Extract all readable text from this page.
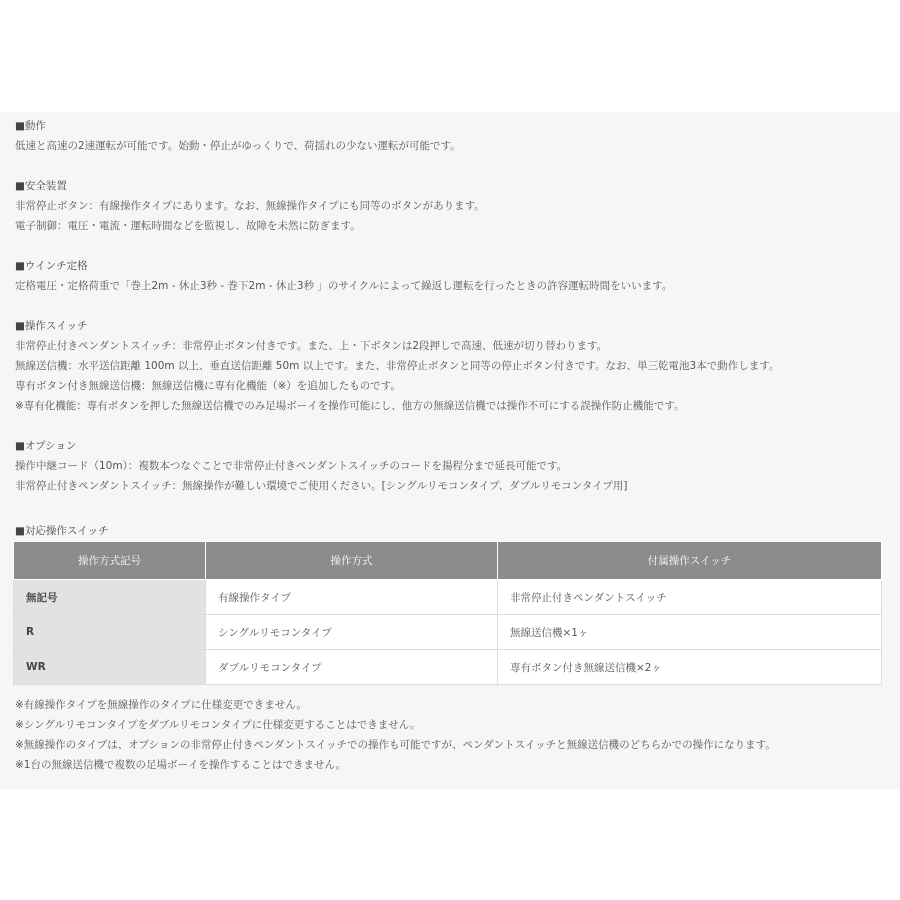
■動作
低速と高速の2速運転が可能です。始動・停止がゆっくりで、荷揺れの少ない運転が可能です。
■安全装置
非常停止ボタン：有線操作タイプにあります。なお、無線操作タイプにも同等のボタンがあります。
電子制御：電圧・電流・運転時間などを監視し、故障を未然に防ぎます。
■ウインチ定格
定格電圧・定格荷重で「巻上2m - 休止3秒 - 巻下2m - 休止3秒 」のサイクルによって繰返し運転を行ったときの許容運転時間をいいます。
■操作スイッチ
非常停止付きペンダントスイッチ：非常停止ボタン付きです。また、上・下ボタンは2段押しで高速、低速が切り替わります。
無線送信機：水平送信距離 100m 以上、垂直送信距離 50m 以上です。また、非常停止ボタンと同等の停止ボタン付きです。なお、単三乾電池3本で動作します。
専有ボタン付き無線送信機：無線送信機に専有化機能（※）を追加したものです。
※専有化機能：専有ボタンを押した無線送信機でのみ足場ボーイを操作可能にし、他方の無線送信機では操作不可にする誤操作防止機能です。
■オプション
操作中継コード（10m）：複数本つなぐことで非常停止付きペンダントスイッチのコードを揚程分まで延長可能です。
非常停止付きペンダントスイッチ：無線操作が難しい環境でご使用ください。[シングルリモコンタイプ、ダブルリモコンタイプ用]
■対応操作スイッチ
操作方式記号	操作方式	付属操作スイッチ
無記号	有線操作タイプ	非常停止付きペンダントスイッチ
R	シングルリモコンタイプ	無線送信機×1ヶ
WR	ダブルリモコンタイプ	専有ボタン付き無線送信機×2ヶ
※有線操作タイプを無線操作のタイプに仕様変更できません。
※シングルリモコンタイプをダブルリモコンタイプに仕様変更することはできません。
※無線操作のタイプは、オプションの非常停止付きペンダントスイッチでの操作も可能ですが、ペンダントスイッチと無線送信機のどちらかでの操作になります。
※1台の無線送信機で複数の足場ボーイを操作することはできません。
